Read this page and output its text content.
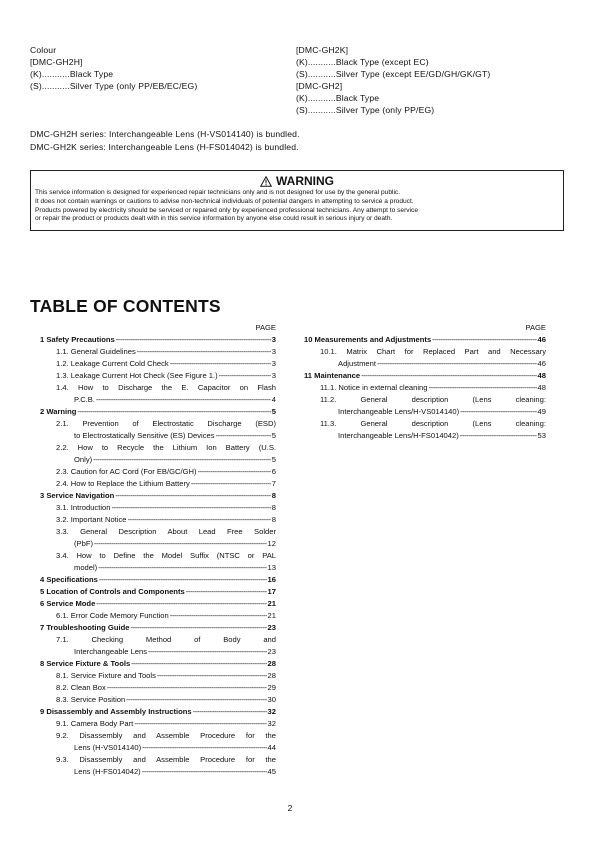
Colour
[DMC-GH2H]
(K)...........Black Type
(S)...........Silver Type (only PP/EB/EC/EG)
[DMC-GH2K]
(K)...........Black Type (except EC)
(S)...........Silver Type (except EE/GD/GH/GK/GT)
[DMC-GH2]
(K)...........Black Type
(S)...........Silver Type (only PP/EG)
DMC-GH2H series: Interchangeable Lens (H-VS014140) is bundled.
DMC-GH2K series: Interchangeable Lens (H-FS014042) is bundled.
WARNING
This service information is designed for experienced repair technicians only and is not designed for use by the general public.
It does not contain warnings or cautions to advise non-technical individuals of potential dangers in attempting to service a product.
Products powered by electricity should be serviced or repaired only by experienced professional technicians. Any attempt to service
or repair the product or products dealt with in this service information by anyone else could result in serious injury or death.
TABLE OF CONTENTS
PAGE
1 Safety Precautions -----	3
1.1. General Guidelines -----	3
1.2. Leakage Current Cold Check -----	3
1.3. Leakage Current Hot Check (See Figure 1.) -----	3
1.4. How to Discharge the E. Capacitor on Flash
P.C.B. -----	4
2 Warning -----	5
2.1. Prevention of Electrostatic Discharge (ESD)
to Electrostatically Sensitive (ES) Devices -----	5
2.2. How to Recycle the Lithium Ion Battery (U.S.
Only) -----	5
2.3. Caution for AC Cord (For EB/GC/GH) -----	6
2.4. How to Replace the Lithium Battery -----	7
3 Service Navigation -----	8
3.1. Introduction -----	8
3.2. Important Notice -----	8
3.3. General Description About Lead Free Solder
(PbF) -----	12
3.4. How to Define the Model Suffix (NTSC or PAL
model) -----	13
4 Specifications -----	16
5 Location of Controls and Components -----	17
6 Service Mode -----	21
6.1. Error Code Memory Function -----	21
7 Troubleshooting Guide -----	23
7.1. Checking Method of Body and
Interchangeable Lens -----	23
8 Service Fixture & Tools -----	28
8.1. Service Fixture and Tools -----	28
8.2. Clean Box -----	29
8.3. Service Position -----	30
9 Disassembly and Assembly Instructions -----	32
9.1. Camera Body Part -----	32
9.2. Disassembly and Assemble Procedure for the
Lens (H-VS014140) -----	44
9.3. Disassembly and Assemble Procedure for the
Lens (H-FS014042) -----	45
PAGE
10 Measurements and Adjustments -----	46
10.1. Matrix Chart for Replaced Part and Necessary
Adjustment -----	46
11 Maintenance -----	48
11.1. Notice in external cleaning -----	48
11.2. General description (Lens cleaning:
Interchangeable Lens/H-VS014140) -----	49
11.3. General description (Lens cleaning:
Interchangeable Lens/H-FS014042) -----	53
2
